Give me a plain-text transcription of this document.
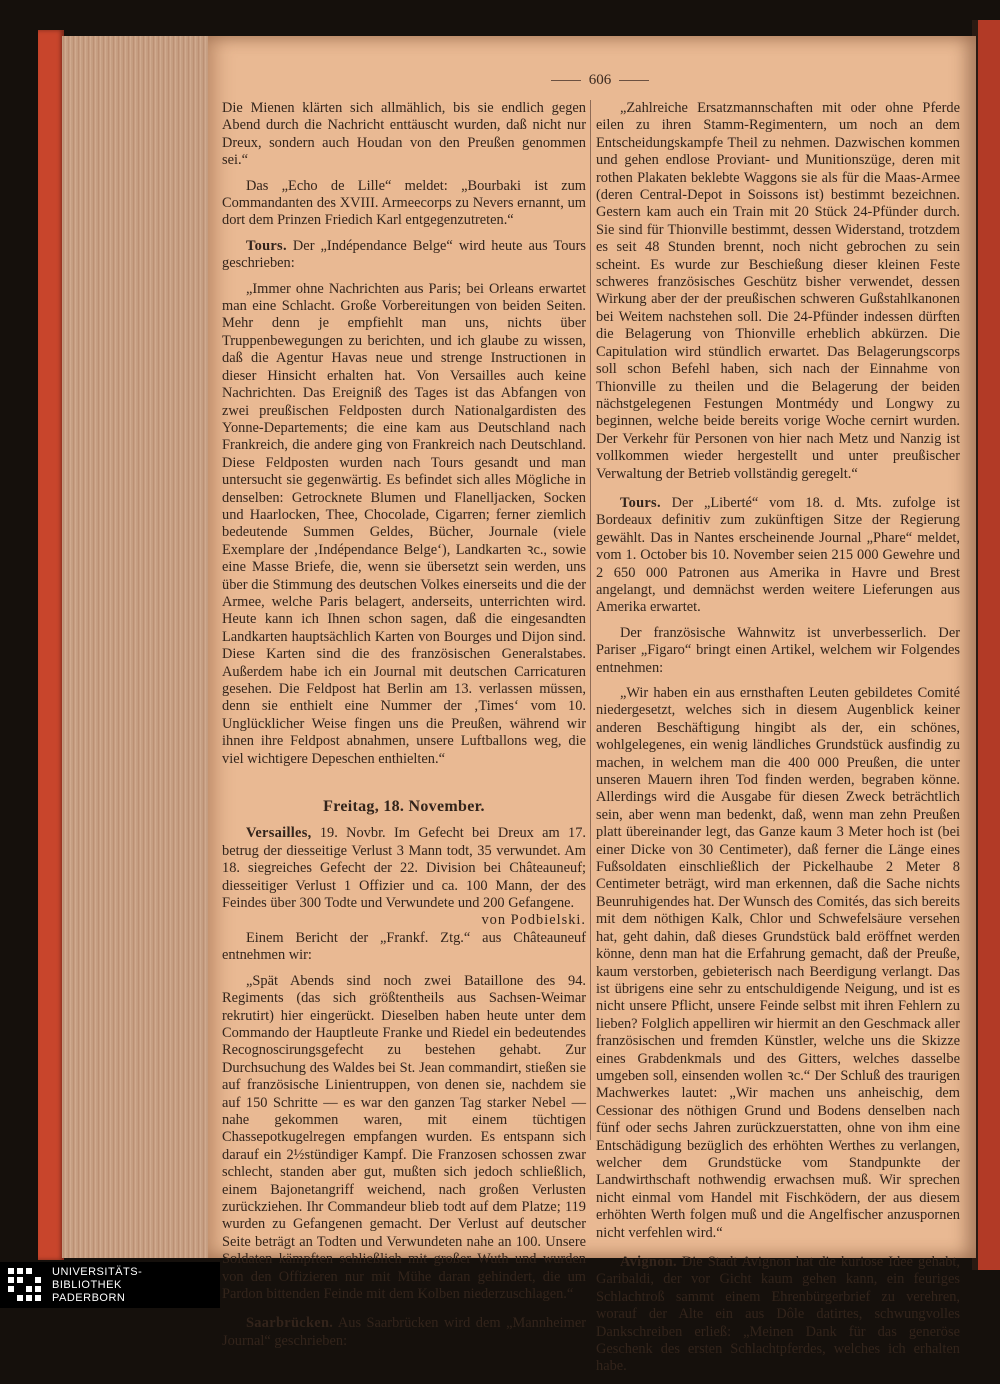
606

Die Mienen klärten sich allmählich, bis sie endlich gegen Abend durch die Nachricht enttäuscht wurden, daß nicht nur Dreux, sondern auch Houdan von den Preußen genommen sei.“

Das „Echo de Lille“ meldet: „Bourbaki ist zum Commandanten des XVIII. Armeecorps zu Nevers ernannt, um dort dem Prinzen Friedich Karl entgegenzutreten.“

Tours. Der „Indépendance Belge“ wird heute aus Tours geschrieben:

„Immer ohne Nachrichten aus Paris; bei Orleans erwartet man eine Schlacht. Große Vorbereitungen von beiden Seiten. Mehr denn je empfiehlt man uns, nichts über Truppenbewegungen zu berichten, und ich glaube zu wissen, daß die Agentur Havas neue und strenge Instructionen in dieser Hinsicht erhalten hat. Von Versailles auch keine Nachrichten. Das Ereigniß des Tages ist das Abfangen von zwei preußischen Feldposten durch Nationalgardisten des Yonne-Departements; die eine kam aus Deutschland nach Frankreich, die andere ging von Frankreich nach Deutschland. Diese Feldposten wurden nach Tours gesandt und man untersucht sie gegenwärtig. Es befindet sich alles Mögliche in denselben: Getrocknete Blumen und Flanelljacken, Socken und Haarlocken, Thee, Chocolade, Cigarren; ferner ziemlich bedeutende Summen Geldes, Bücher, Journale (viele Exemplare der ‚Indépendance Belge‘), Landkarten ꝛc., sowie eine Masse Briefe, die, wenn sie übersetzt sein werden, uns über die Stimmung des deutschen Volkes einerseits und die der Armee, welche Paris belagert, anderseits, unterrichten wird. Heute kann ich Ihnen schon sagen, daß die eingesandten Landkarten hauptsächlich Karten von Bourges und Dijon sind. Diese Karten sind die des französischen Generalstabes. Außerdem habe ich ein Journal mit deutschen Carricaturen gesehen. Die Feldpost hat Berlin am 13. verlassen müssen, denn sie enthielt eine Nummer der ‚Times‘ vom 10. Unglücklicher Weise fingen uns die Preußen, während wir ihnen ihre Feldpost abnahmen, unsere Luftballons weg, die viel wichtigere Depeschen enthielten.“

Freitag, 18. November.

Versailles, 19. Novbr. Im Gefecht bei Dreux am 17. betrug der diesseitige Verlust 3 Mann todt, 35 verwundet. Am 18. siegreiches Gefecht der 22. Division bei Châteauneuf; diesseitiger Verlust 1 Offizier und ca. 100 Mann, der des Feindes über 300 Todte und Verwundete und 200 Gefangene.
von Podbielski.

Einem Bericht der „Frankf. Ztg.“ aus Châteauneuf entnehmen wir:

„Spät Abends sind noch zwei Bataillone des 94. Regiments (das sich größtentheils aus Sachsen-Weimar rekrutirt) hier eingerückt. Dieselben haben heute unter dem Commando der Hauptleute Franke und Riedel ein bedeutendes Recognoscirungsgefecht zu bestehen gehabt. Zur Durchsuchung des Waldes bei St. Jean commandirt, stießen sie auf französische Linientruppen, von denen sie, nachdem sie auf 150 Schritte — es war den ganzen Tag starker Nebel — nahe gekommen waren, mit einem tüchtigen Chassepotkugelregen empfangen wurden. Es entspann sich darauf ein 2½stündiger Kampf. Die Franzosen schossen zwar schlecht, standen aber gut, mußten sich jedoch schließlich, einem Bajonetangriff weichend, nach großen Verlusten zurückziehen. Ihr Commandeur blieb todt auf dem Platze; 119 wurden zu Gefangenen gemacht. Der Verlust auf deutscher Seite beträgt an Todten und Verwundeten nahe an 100. Unsere Soldaten kämpften schließlich mit großer Wuth und wurden von den Offizieren nur mit Mühe daran gehindert, die um Pardon bittenden Feinde mit dem Kolben niederzuschlagen.“

Saarbrücken. Aus Saarbrücken wird dem „Mannheimer Journal“ geschrieben:

„Zahlreiche Ersatzmannschaften mit oder ohne Pferde eilen zu ihren Stamm-Regimentern, um noch an dem Entscheidungskampfe Theil zu nehmen. Dazwischen kommen und gehen endlose Proviant- und Munitionszüge, deren mit rothen Plakaten beklebte Waggons sie als für die Maas-Armee (deren Central-Depot in Soissons ist) bestimmt bezeichnen. Gestern kam auch ein Train mit 20 Stück 24-Pfünder durch. Sie sind für Thionville bestimmt, dessen Widerstand, trotzdem es seit 48 Stunden brennt, noch nicht gebrochen zu sein scheint. Es wurde zur Beschießung dieser kleinen Feste schweres französisches Geschütz bisher verwendet, dessen Wirkung aber der der preußischen schweren Gußstahlkanonen bei Weitem nachstehen soll. Die 24-Pfünder indessen dürften die Belagerung von Thionville erheblich abkürzen. Die Capitulation wird stündlich erwartet. Das Belagerungscorps soll schon Befehl haben, sich nach der Einnahme von Thionville zu theilen und die Belagerung der beiden nächstgelegenen Festungen Montmédy und Longwy zu beginnen, welche beide bereits vorige Woche cernirt wurden. Der Verkehr für Personen von hier nach Metz und Nanzig ist vollkommen wieder hergestellt und unter preußischer Verwaltung der Betrieb vollständig geregelt.“

Tours. Der „Liberté“ vom 18. d. Mts. zufolge ist Bordeaux definitiv zum zukünftigen Sitze der Regierung gewählt. Das in Nantes erscheinende Journal „Phare“ meldet, vom 1. October bis 10. November seien 215 000 Gewehre und 2 650 000 Patronen aus Amerika in Havre und Brest angelangt, und demnächst werden weitere Lieferungen aus Amerika erwartet.

Der französische Wahnwitz ist unverbesserlich. Der Pariser „Figaro“ bringt einen Artikel, welchem wir Folgendes entnehmen:

„Wir haben ein aus ernsthaften Leuten gebildetes Comité niedergesetzt, welches sich in diesem Augenblick keiner anderen Beschäftigung hingibt als der, ein schönes, wohlgelegenes, ein wenig ländliches Grundstück ausfindig zu machen, in welchem man die 400 000 Preußen, die unter unseren Mauern ihren Tod finden werden, begraben könne. Allerdings wird die Ausgabe für diesen Zweck beträchtlich sein, aber wenn man bedenkt, daß, wenn man zehn Preußen platt übereinander legt, das Ganze kaum 3 Meter hoch ist (bei einer Dicke von 30 Centimeter), daß ferner die Länge eines Fußsoldaten einschließlich der Pickelhaube 2 Meter 8 Centimeter beträgt, wird man erkennen, daß die Sache nichts Beunruhigendes hat. Der Wunsch des Comités, das sich bereits mit dem nöthigen Kalk, Chlor und Schwefelsäure versehen hat, geht dahin, daß dieses Grundstück bald eröffnet werden könne, denn man hat die Erfahrung gemacht, daß der Preuße, kaum verstorben, gebieterisch nach Beerdigung verlangt. Das ist übrigens eine sehr zu entschuldigende Neigung, und ist es nicht unsere Pflicht, unsere Feinde selbst mit ihren Fehlern zu lieben? Folglich appelliren wir hiermit an den Geschmack aller französischen und fremden Künstler, welche uns die Skizze eines Grabdenkmals und des Gitters, welches dasselbe umgeben soll, einsenden wollen ꝛc.“ Der Schluß des traurigen Machwerkes lautet: „Wir machen uns anheischig, dem Cessionar des nöthigen Grund und Bodens denselben nach fünf oder sechs Jahren zurückzuerstatten, ohne von ihm eine Entschädigung bezüglich des erhöhten Werthes zu verlangen, welcher dem Grundstücke vom Standpunkte der Landwirthschaft nothwendig erwachsen muß. Wir sprechen nicht einmal vom Handel mit Fischködern, der aus diesem erhöhten Werth folgen muß und die Angelfischer anzuspornen nicht verfehlen wird.“

Avignon. Die Stadt Avignon hat die kuriose Idee gehabt, Garibaldi, der vor Gicht kaum gehen kann, ein feuriges Schlachtroß sammt einem Ehrenbürgerbrief zu verehren, worauf der Alte ein aus Dôle datirtes, schwungvolles Dankschreiben erließ: „Meinen Dank für das generöse Geschenk des ersten Schlachtpferdes, welches ich erhalten habe.

UNIVERSITÄTS-
BIBLIOTHEK
PADERBORN
